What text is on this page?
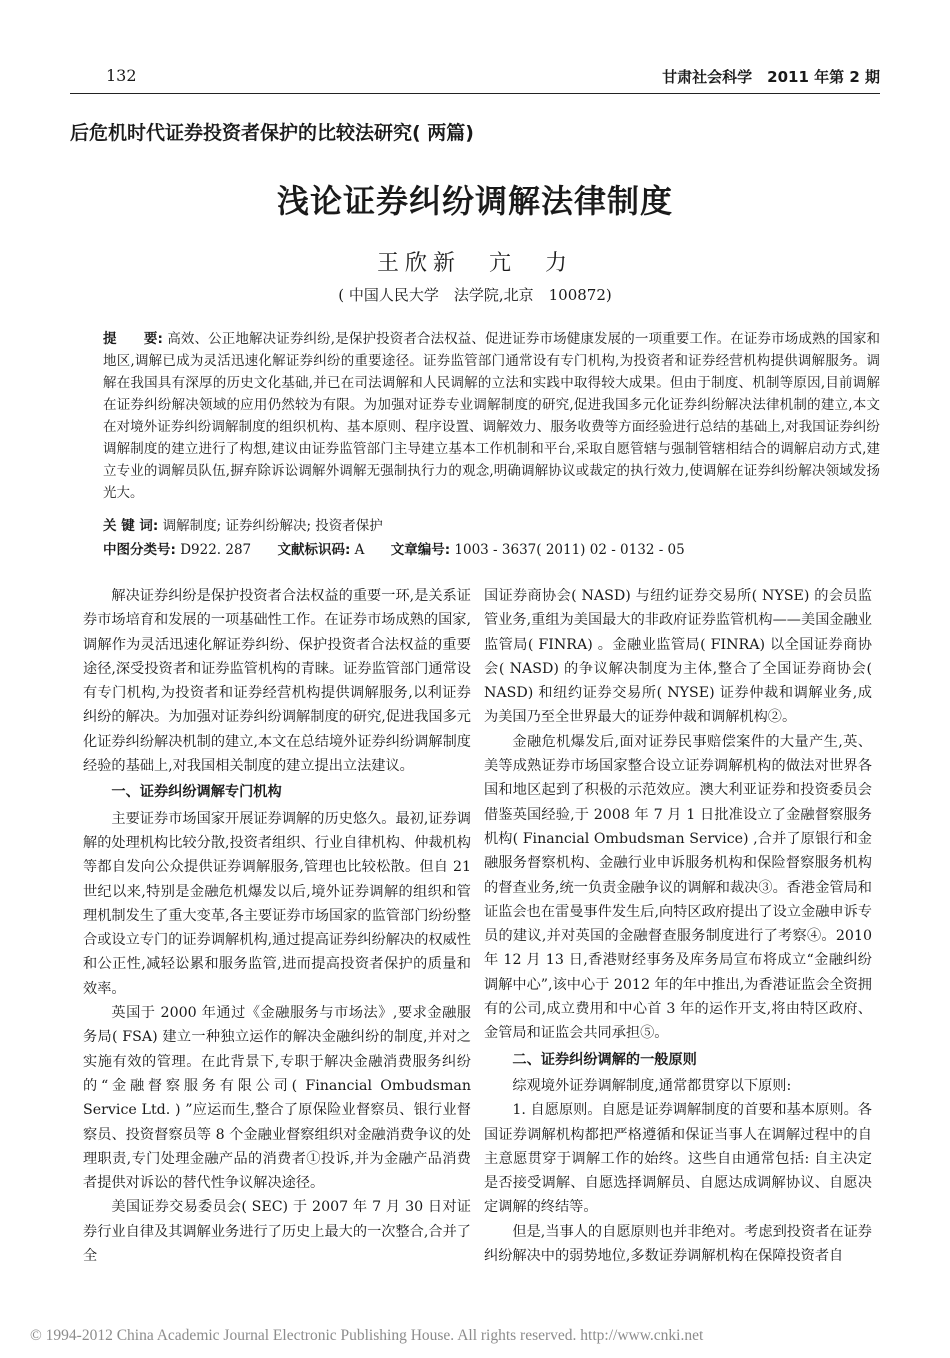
132	甘肃社会科学　2011 年第 2 期
后危机时代证券投资者保护的比较法研究( 两篇)
浅论证券纠纷调解法律制度
王欣新　亢　力
( 中国人民大学　法学院,北京　100872)
提　　要: 高效、公正地解决证券纠纷,是保护投资者合法权益、促进证券市场健康发展的一项重要工作。在证券市场成熟的国家和地区,调解已成为灵活迅速化解证券纠纷的重要途径。证券监管部门通常设有专门机构,为投资者和证券经营机构提供调解服务。调解在我国具有深厚的历史文化基础,并已在司法调解和人民调解的立法和实践中取得较大成果。但由于制度、机制等原因,目前调解在证券纠纷解决领域的应用仍然较为有限。为加强对证券专业调解制度的研究,促进我国多元化证券纠纷解决法律机制的建立,本文在对境外证券纠纷调解制度的组织机构、基本原则、程序设置、调解效力、服务收费等方面经验进行总结的基础上,对我国证券纠纷调解制度的建立进行了构想,建议由证券监管部门主导建立基本工作机制和平台,采取自愿管辖与强制管辖相结合的调解启动方式,建立专业的调解员队伍,摒弃除诉讼调解外调解无强制执行力的观念,明确调解协议或裁定的执行效力,使调解在证券纠纷解决领域发扬光大。
关 键 词: 调解制度; 证券纠纷解决; 投资者保护
中图分类号: D922. 287 文献标识码: A 文章编号: 1003 - 3637( 2011) 02 - 0132 - 05

解决证券纠纷是保护投资者合法权益的重要一环,是关系证券市场培育和发展的一项基础性工作。在证券市场成熟的国家,调解作为灵活迅速化解证券纠纷、保护投资者合法权益的重要途径,深受投资者和证券监管机构的青睐。证券监管部门通常设有专门机构,为投资者和证券经营机构提供调解服务,以利证券纠纷的解决。为加强对证券纠纷调解制度的研究,促进我国多元化证券纠纷解决机制的建立,本文在总结境外证券纠纷调解制度经验的基础上,对我国相关制度的建立提出立法建议。

一、证券纠纷调解专门机构

主要证券市场国家开展证券调解的历史悠久。最初,证券调解的处理机构比较分散,投资者组织、行业自律机构、仲裁机构等都自发向公众提供证券调解服务,管理也比较松散。但自 21 世纪以来,特别是金融危机爆发以后,境外证券调解的组织和管理机制发生了重大变革,各主要证券市场国家的监管部门纷纷整合或设立专门的证券调解机构,通过提高证券纠纷解决的权威性和公正性,减轻讼累和服务监管,进而提高投资者保护的质量和效率。

英国于 2000 年通过《金融服务与市场法》,要求金融服务局( FSA) 建立一种独立运作的解决金融纠纷的制度,并对之实施有效的管理。在此背景下,专职于解决金融消费服务纠纷的“金融督察服务有限公司( Financial Ombudsman Service Ltd. ) ”应运而生,整合了原保险业督察员、银行业督察员、投资督察员等 8 个金融业督察组织对金融消费争议的处理职责,专门处理金融产品的消费者①投诉,并为金融产品消费者提供对诉讼的替代性争议解决途径。

美国证券交易委员会( SEC) 于 2007 年 7 月 30 日对证券行业自律及其调解业务进行了历史上最大的一次整合,合并了全

国证券商协会( NASD) 与纽约证券交易所( NYSE) 的会员监管业务,重组为美国最大的非政府证券监管机构——美国金融业监管局( FINRA) 。金融业监管局( FINRA) 以全国证券商协会( NASD) 的争议解决制度为主体,整合了全国证券商协会( NASD) 和纽约证券交易所( NYSE) 证券仲裁和调解业务,成为美国乃至全世界最大的证券仲裁和调解机构②。

金融危机爆发后,面对证券民事赔偿案件的大量产生,英、美等成熟证券市场国家整合设立证券调解机构的做法对世界各国和地区起到了积极的示范效应。澳大利亚证券和投资委员会借鉴英国经验,于 2008 年 7 月 1 日批准设立了金融督察服务机构( Financial Ombudsman Service) ,合并了原银行和金融服务督察机构、金融行业申诉服务机构和保险督察服务机构的督查业务,统一负责金融争议的调解和裁决③。香港金管局和证监会也在雷曼事件发生后,向特区政府提出了设立金融申诉专员的建议,并对英国的金融督查服务制度进行了考察④。2010 年 12 月 13 日,香港财经事务及库务局宣布将成立“金融纠纷调解中心”,该中心于 2012 年的年中推出,为香港证监会全资拥有的公司,成立费用和中心首 3 年的运作开支,将由特区政府、金管局和证监会共同承担⑤。

二、证券纠纷调解的一般原则

综观境外证券调解制度,通常都贯穿以下原则:

1. 自愿原则。自愿是证券调解制度的首要和基本原则。各国证券调解机构都把严格遵循和保证当事人在调解过程中的自主意愿贯穿于调解工作的始终。这些自由通常包括: 自主决定是否接受调解、自愿选择调解员、自愿达成调解协议、自愿决定调解的终结等。

但是,当事人的自愿原则也并非绝对。考虑到投资者在证券纠纷解决中的弱势地位,多数证券调解机构在保障投资者自

© 1994-2012 China Academic Journal Electronic Publishing House. All rights reserved. http://www.cnki.net
